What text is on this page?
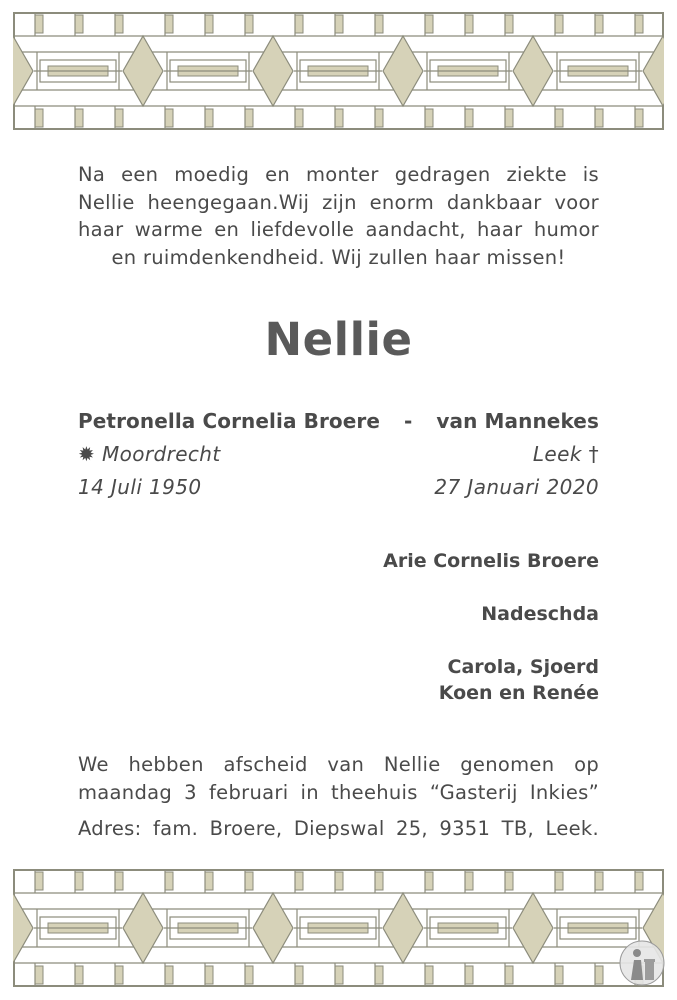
Na een moedig en monter gedragen ziekte is
Nellie heengegaan.Wij zijn enorm dankbaar voor
haar warme en liefdevolle aandacht, haar humor
en ruimdenkendheid. Wij zullen haar missen!
Nellie
Petronella Cornelia Broere - van Mannekes
✹ Moordrecht	Leek †
14 Juli 1950	27 Januari 2020
Arie Cornelis Broere
Nadeschda
Carola, Sjoerd
Koen en Renée
We hebben afscheid van Nellie genomen op
maandag 3 februari in theehuis “Gasterij Inkies”
Adres: fam. Broere, Diepswal 25, 9351 TB, Leek.
